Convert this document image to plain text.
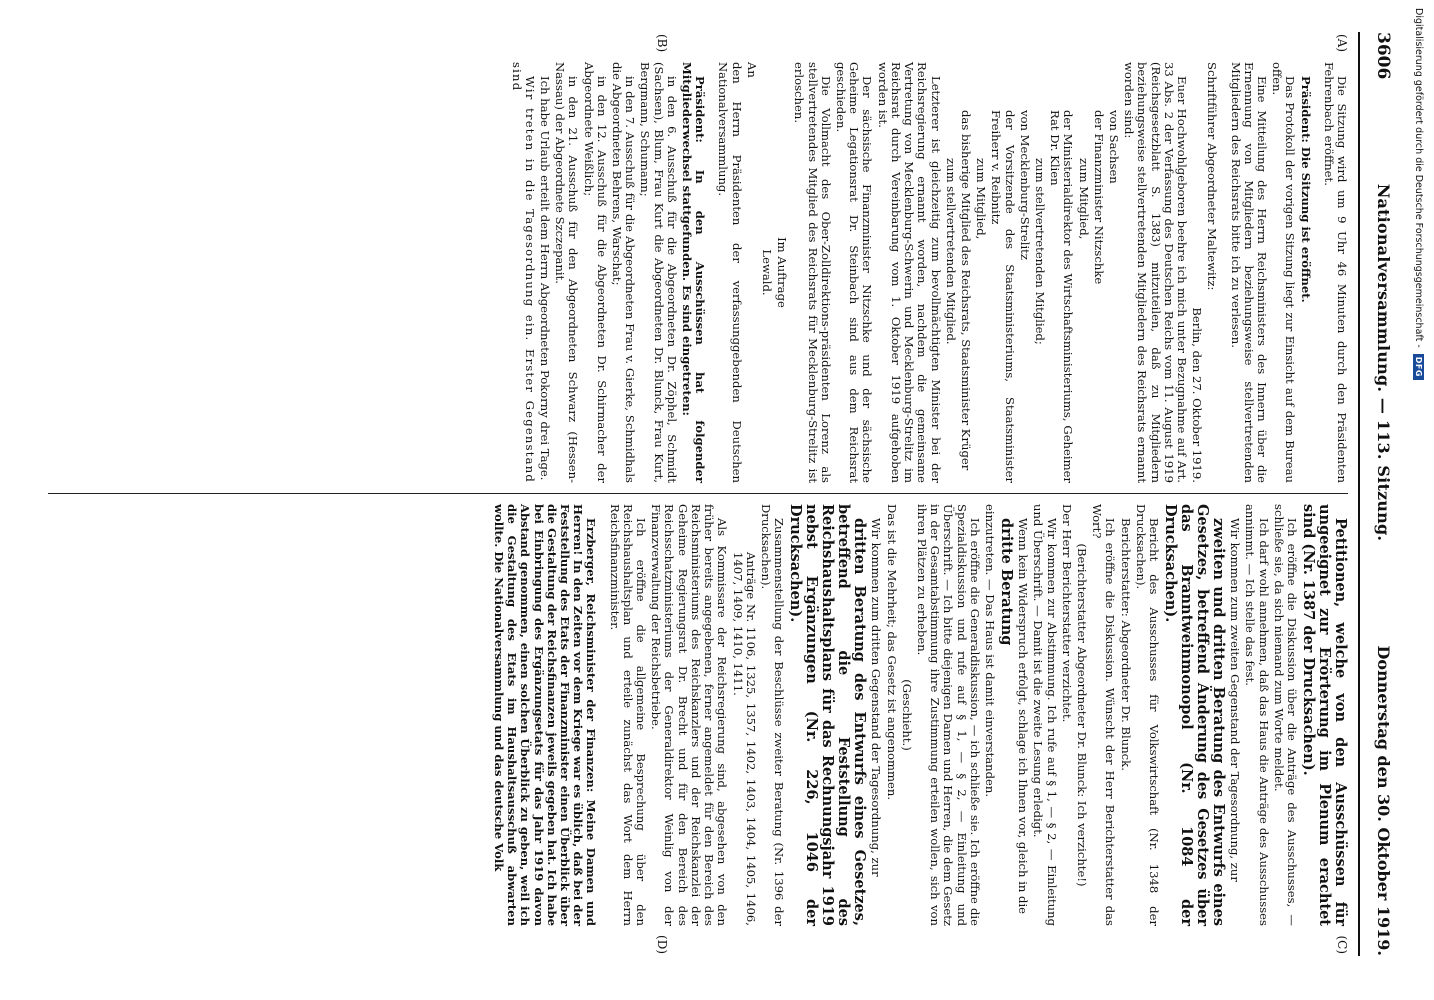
3606
Nationalversammlung. — 113. Sitzung.
Donnerstag den 30. Oktober 1919.
(A)
(B)

Die Sitzung wird um 9 Uhr 46 Minuten durch den Präsidenten Fehrenbach eröffnet.

Präsident: Die Sitzung ist eröffnet.

Das Protokoll der vorigen Sitzung liegt zur Einsicht auf dem Bureau offen.

Eine Mitteilung des Herrn Reichsministers des Innern über die Ernennung von Mitgliedern beziehungsweise stellvertretenden Mitgliedern des Reichsrats bitte ich zu verlesen.

Schriftführer Abgeordneter Maltewitz:

Berlin, den 27. Oktober 1919.

Euer Hochwohlgeboren beehre ich mich unter Bezugnahme auf Art. 33 Abs. 2 der Verfassung des Deutschen Reichs vom 11. August 1919 (Reichsgesetzblatt S. 1383) mitzuteilen, daß zu Mitgliedern beziehungsweise stellvertretenden Mitgliedern des Reichsrats ernannt worden sind:

von Sachsen

der Finanzminister Nitzschke

zum Mitglied,

der Ministerialdirektor des Wirtschaftsministeriums, Geheimer Rat Dr. Klien

zum stellvertretenden Mitglied;

von Mecklenburg-Strelitz

der Vorsitzende des Staatsministeriums, Staatsminister Freiherr v. Reibnitz

zum Mitglied,

das bisherige Mitglied des Reichsrats, Staatsminister Krüger

zum stellvertretenden Mitglied.

Letzterer ist gleichzeitig zum bevollmächtigten Minister bei der Reichsregierung ernannt worden, nachdem die gemeinsame Vertretung von Mecklenburg-Schwerin und Mecklenburg-Strelitz im Reichsrat durch Vereinbarung vom 1. Oktober 1919 aufgehoben worden ist.

Der sächsische Finanzminister Nitzschke und der sächsische Geheime Legationsrat Dr. Steinbach sind aus dem Reichsrat geschieden.

Die Vollmacht des Ober-Zolldirektions-präsidenten Lorenz als stellvertretendes Mitglied des Reichsrats für Mecklenburg-Strelitz ist erloschen.

Im Auftrage

Lewald.

An

den Herrn Präsidenten der verfassunggebenden Deutschen Nationalversammlung.

Präsident: In den Ausschüssen hat folgender Mitgliederwechsel stattgefunden. Es sind eingetreten:

in den 6. Ausschuß für die Abgeordneten Dr. Zöphel, Schmidt (Sachsen), Blum, Frau Kurt die Abgeordneten Dr. Blunck, Frau Kurt, Bergmann, Schumann;

in den 7. Ausschuß für die Abgeordneten Frau v. Gierke, Schmidhals die Abgeordneten Behrens, Warschat;

in den 12. Ausschuß für die Abgeordneten Dr. Schirmacher der Abgeordnete Weißlich;

in den 21. Ausschuß für den Abgeordneten Schwarz (Hessen-Nassau) der Abgeordnete Szczepanit.

Ich habe Urlaub erteilt dem Herrn Abgeordneten Pokorny drei Tage.

Wir treten in die Tagesordnung ein. Erster Gegenstand sind

(C)
(D)

Petitionen, welche von den Ausschüssen für ungeeignet zur Erörterung im Plenum erachtet sind (Nr. 1387 der Drucksachen).

Ich eröffne die Diskussion über die Anträge des Ausschusses, — schließe sie, da sich niemand zum Worte meldet.

Ich darf wohl annehmen, daß das Haus die Anträge des Ausschusses annimmt. — Ich stelle das fest.

Wir kommen zum zweiten Gegenstand der Tagesordnung, zur

zweiten und dritten Beratung des Entwurfs eines Gesetzes, betreffend Änderung des Gesetzes über das Branntweinmonopol (Nr. 1084 der Drucksachen).

Bericht des Ausschusses für Volkswirtschaft (Nr. 1348 der Drucksachen).

Berichterstatter: Abgeordneter Dr. Blunck.

Ich eröffne die Diskussion. Wünscht der Herr Berichterstatter das Wort?

(Berichterstatter Abgeordneter Dr. Blunck: Ich verzichte!)

Der Herr Berichterstatter verzichtet.

Wir kommen zur Abstimmung. Ich rufe auf § 1, — § 2, — Einleitung und Überschrift. — Damit ist die zweite Lesung erledigt.

Wenn kein Widerspruch erfolgt, schlage ich Ihnen vor, gleich in die

dritte Beratung

einzutreten. — Das Haus ist damit einverstanden.

Ich eröffne die Generaldiskussion, — ich schließe sie. Ich eröffne die Spezialdiskussion und rufe auf § 1, — § 2, — Einleitung und Überschrift. — Ich bitte diejenigen Damen und Herren, die dem Gesetz in der Gesamtabstimmung ihre Zustimmung erteilen wollen, sich von ihren Plätzen zu erheben.

(Geschieht.)

Das ist die Mehrheit; das Gesetz ist angenommen.

Wir kommen zum dritten Gegenstand der Tagesordnung, zur

dritten Beratung des Entwurfs eines Gesetzes, betreffend die Feststellung des Reichshaushaltsplans für das Rechnungsjahr 1919 nebst Ergänzungen (Nr. 226, 1046 der Drucksachen).

Zusammenstellung der Beschlüsse zweiter Beratung (Nr. 1396 der Drucksachen).

Anträge Nr. 1106, 1325, 1357, 1402, 1403, 1404, 1405, 1406, 1407, 1409, 1410, 1411.

Als Kommissare der Reichsregierung sind, abgesehen von den früher bereits angegebenen, ferner angemeldet für den Bereich des Reichsministeriums des Reichskanzlers und der Reichskanzlei der Geheime Regierungsrat Dr. Brecht und für den Bereich des Reichsschatzministeriums der Generaldirektor Weinlig von der Finanzverwaltung der Reichsbetriebe.

Ich eröffne die allgemeine Besprechung über den Reichshaushaltsplan und erteile zunächst das Wort dem Herrn Reichsfinanzminister.

Erzberger, Reichsminister der Finanzen: Meine Damen und Herren! In den Zeiten vor dem Kriege war es üblich, daß bei der Feststellung des Etats der Finanzminister einen Überblick über die Gestaltung der Reichsfinanzen jeweils gegeben hat. Ich habe bei Einbringung des Ergänzungsetats für das Jahr 1919 davon Abstand genommen, einen solchen Überblick zu geben, weil ich die Gestaltung des Etats im Haushaltsausschuß abwarten wollte. Die Nationalversammlung und das deutsche Volk

Digitalisierung gefördert durch die Deutsche Forschungsgemeinschaft -
DFG
